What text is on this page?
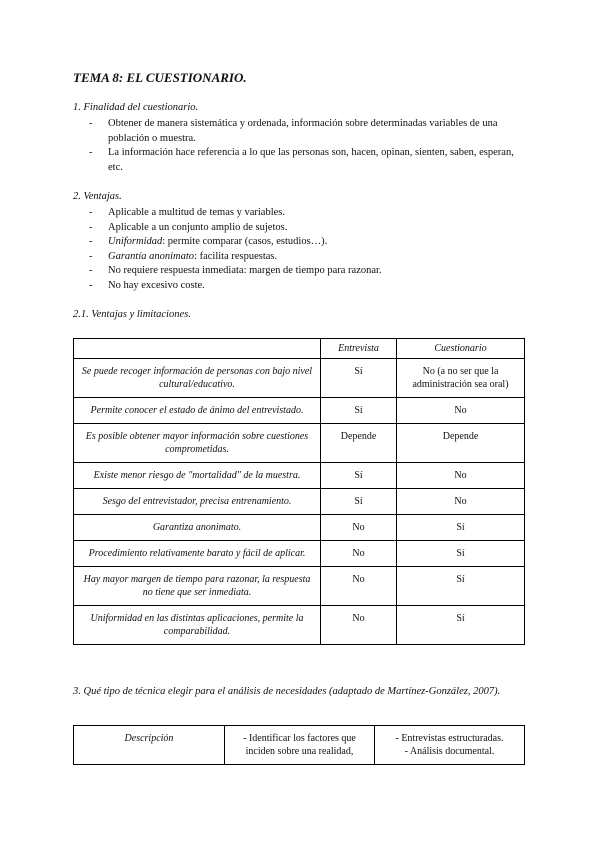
TEMA 8: EL CUESTIONARIO.
1. Finalidad del cuestionario.
- Obtener de manera sistemática y ordenada, información sobre determinadas variables de una población o muestra.
- La información hace referencia a lo que las personas son, hacen, opinan, sienten, saben, esperan, etc.
2. Ventajas.
- Aplicable a multitud de temas y variables.
- Aplicable a un conjunto amplio de sujetos.
- Uniformidad: permite comparar (casos, estudios…).
- Garantía anonimato: facilita respuestas.
- No requiere respuesta inmediata: margen de tiempo para razonar.
- No hay excesivo coste.
2.1. Ventajas y limitaciones.
	Entrevista	Cuestionario
Se puede recoger información de personas con bajo nivel cultural/educativo.	Sí	No (a no ser que la administración sea oral)
Permite conocer el estado de ánimo del entrevistado.	Sí	No
Es posible obtener mayor información sobre cuestiones comprometidas.	Depende	Depende
Existe menor riesgo de "mortalidad" de la muestra.	Sí	No
Sesgo del entrevistador, precisa entrenamiento.	Sí	No
Garantiza anonimato.	No	Sí
Procedimiento relativamente barato y fácil de aplicar.	No	Sí
Hay mayor margen de tiempo para razonar, la respuesta no tiene que ser inmediata.	No	Sí
Uniformidad en las distintas aplicaciones, permite la comparabilidad.	No	Sí
3. Qué tipo de técnica elegir para el análisis de necesidades (adaptado de Martínez-González, 2007).
Descripción	- Identificar los factores que inciden sobre una realidad,	- Entrevistas estructuradas.
- Análisis documental.
